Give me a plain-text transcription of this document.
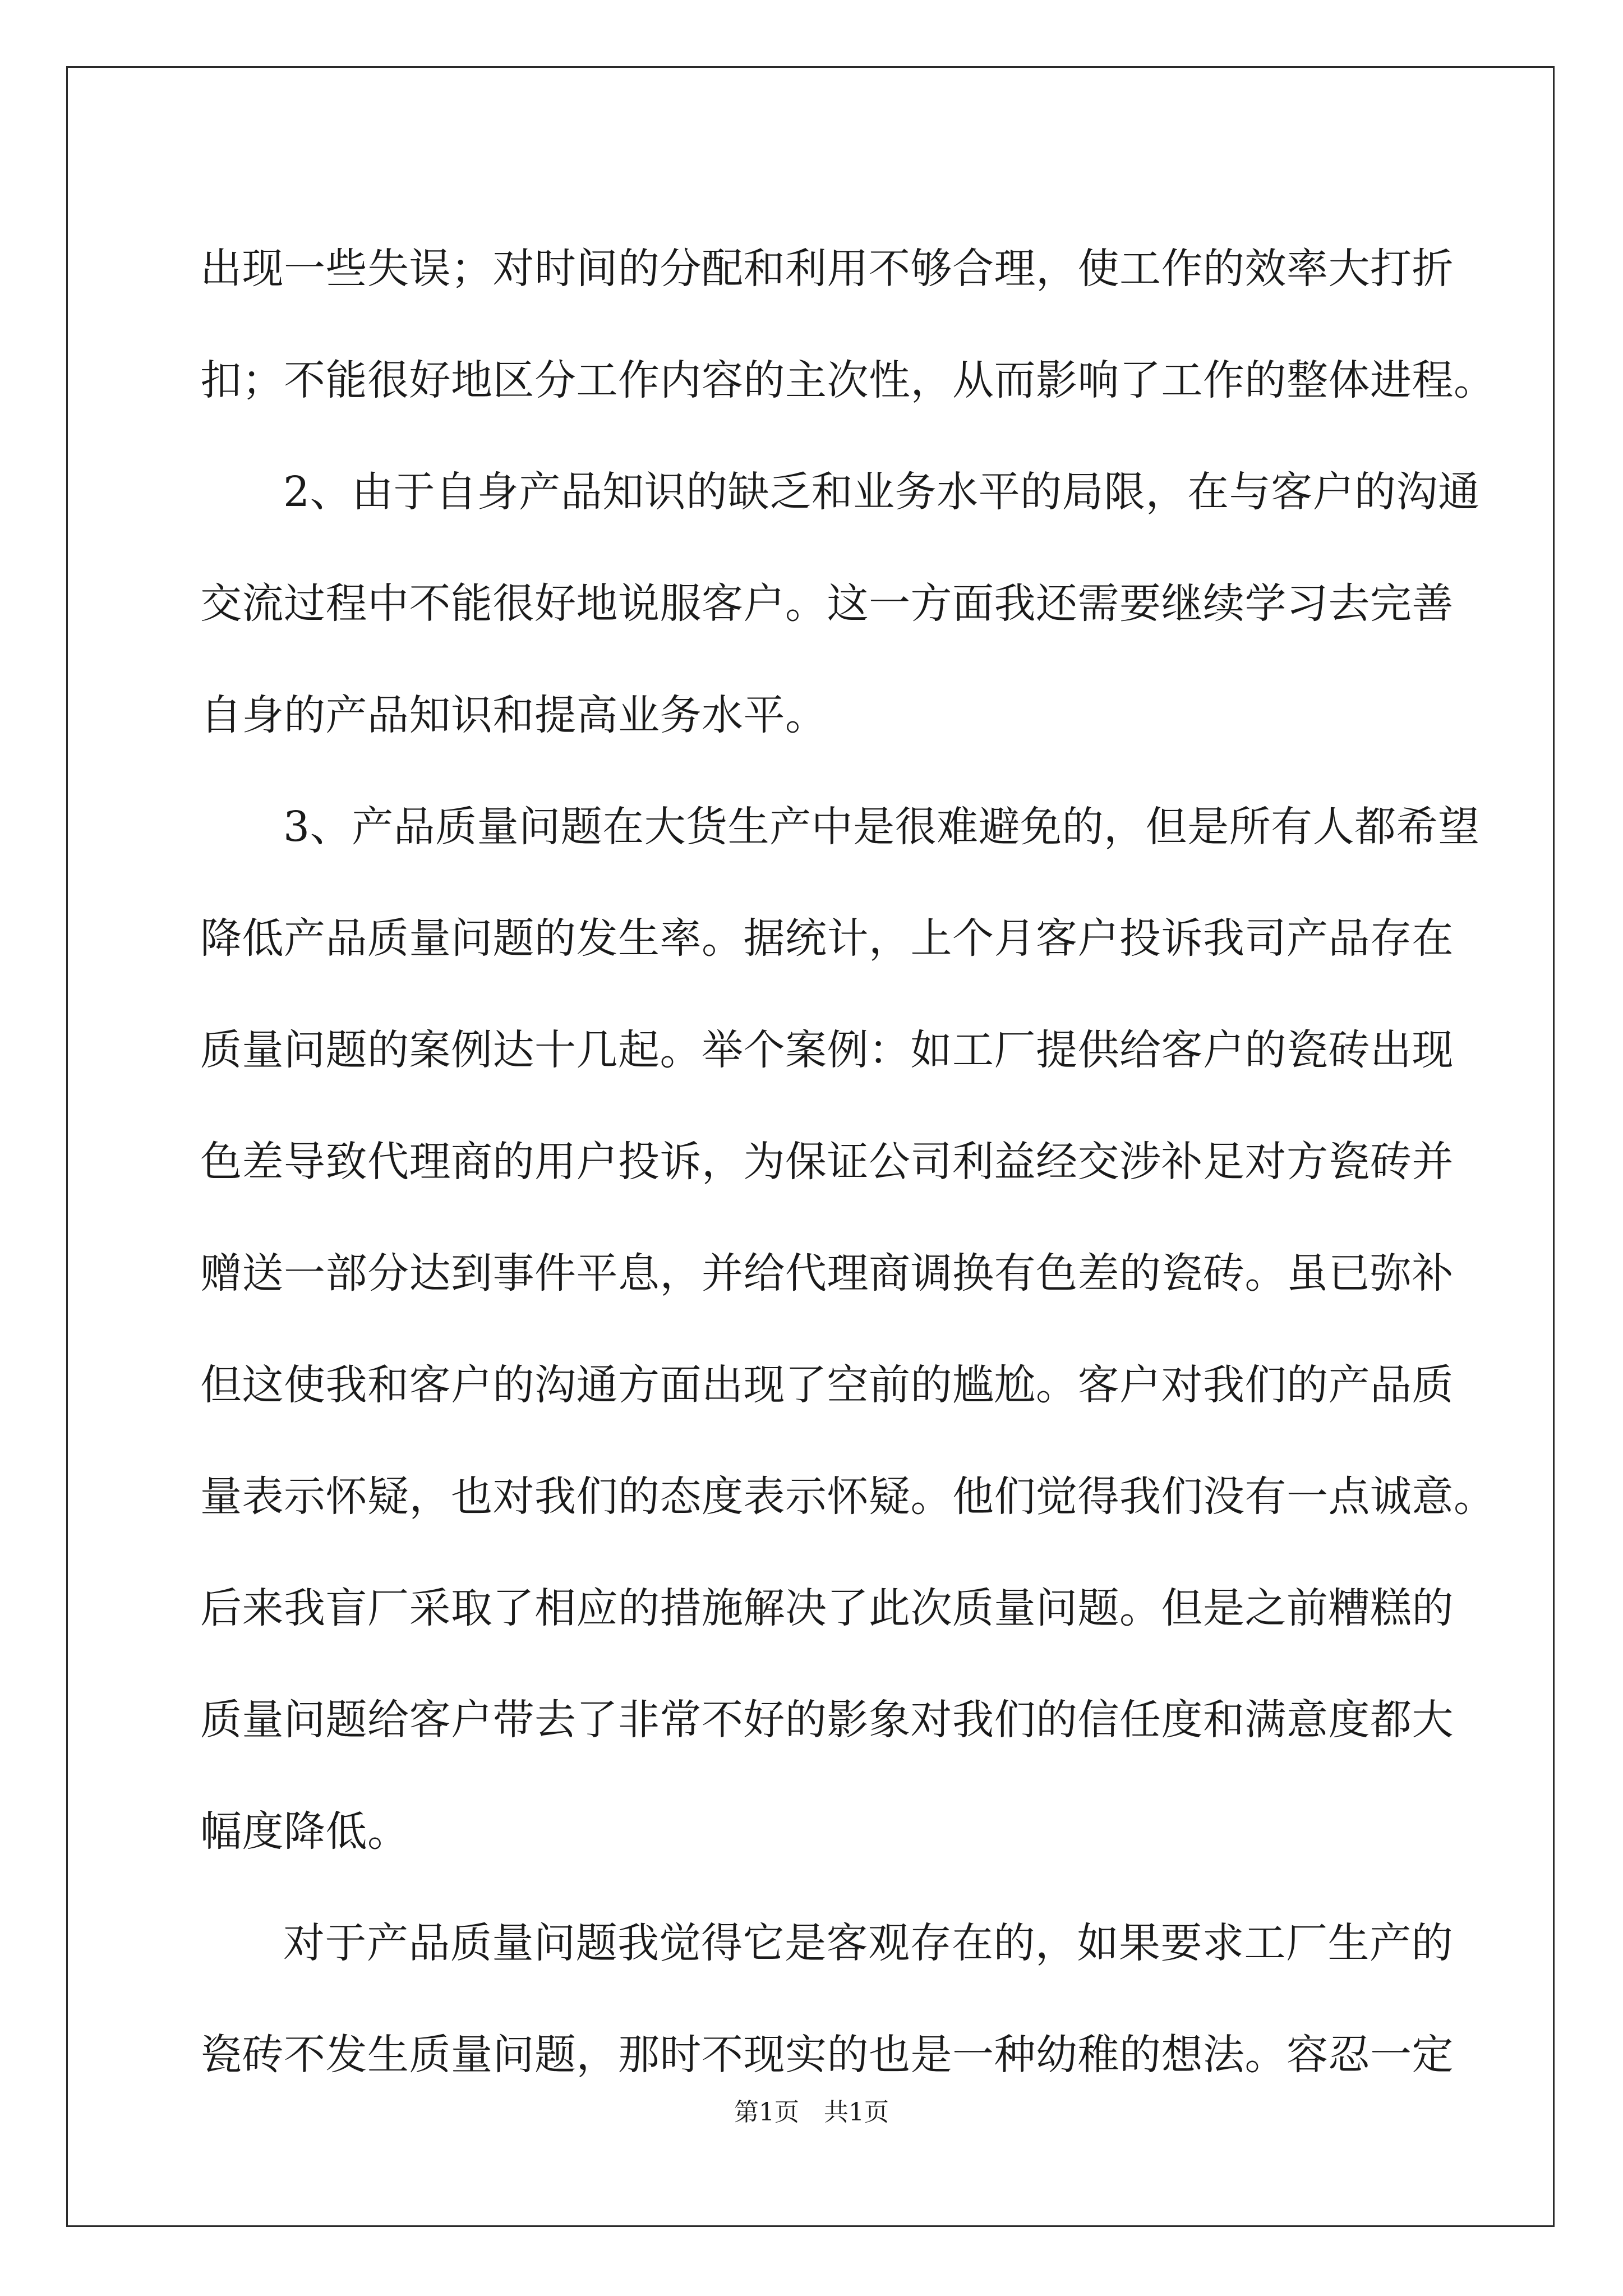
出现一些失误；对时间的分配和利用不够合理，使工作的效率大打折
扣；不能很好地区分工作内容的主次性，从而影响了工作的整体进程。
2、由于自身产品知识的缺乏和业务水平的局限，在与客户的沟通
交流过程中不能很好地说服客户。这一方面我还需要继续学习去完善
自身的产品知识和提高业务水平。
3、产品质量问题在大货生产中是很难避免的，但是所有人都希望
降低产品质量问题的发生率。据统计，上个月客户投诉我司产品存在
质量问题的案例达十几起。举个案例：如工厂提供给客户的瓷砖出现
色差导致代理商的用户投诉，为保证公司利益经交涉补足对方瓷砖并
赠送一部分达到事件平息，并给代理商调换有色差的瓷砖。虽已弥补
但这使我和客户的沟通方面出现了空前的尴尬。客户对我们的产品质
量表示怀疑，也对我们的态度表示怀疑。他们觉得我们没有一点诚意。
后来我盲厂采取了相应的措施解决了此次质量问题。但是之前糟糕的
质量问题给客户带去了非常不好的影象对我们的信任度和满意度都大
幅度降低。
对于产品质量问题我觉得它是客观存在的，如果要求工厂生产的
瓷砖不发生质量问题，那时不现实的也是一种幼稚的想法。容忍一定
第1页　共1页
